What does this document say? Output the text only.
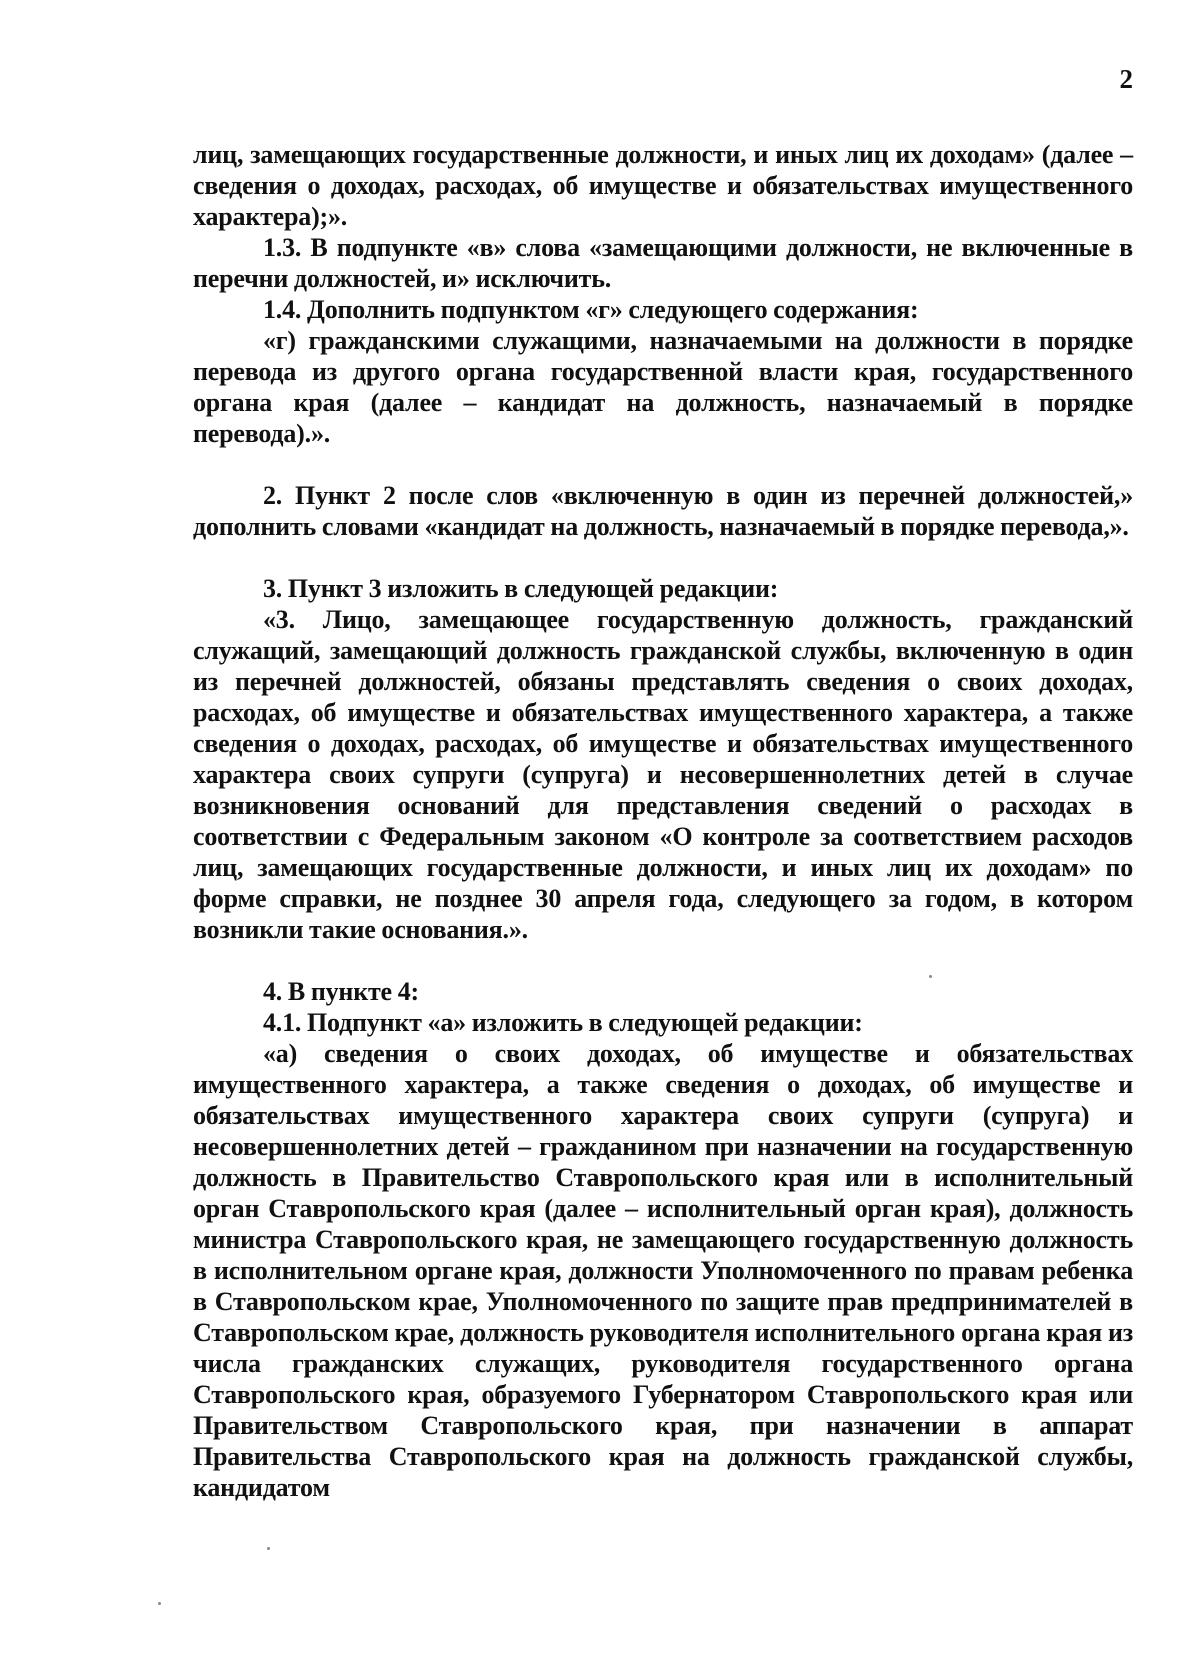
2

лиц, замещающих государственные должности, и иных лиц их доходам» (далее – сведения о доходах, расходах, об имуществе и обязательствах имущественного характера);».

1.3. В подпункте «в» слова «замещающими должности, не включенные в перечни должностей, и» исключить.

1.4. Дополнить подпунктом «г» следующего содержания:

«г) гражданскими служащими, назначаемыми на должности в порядке перевода из другого органа государственной власти края, государственного органа края (далее – кандидат на должность, назначаемый в порядке перевода).».

2. Пункт 2 после слов «включенную в один из перечней должностей,» дополнить словами «кандидат на должность, назначаемый в порядке перевода,».

3. Пункт 3 изложить в следующей редакции:

«3. Лицо, замещающее государственную должность, гражданский служащий, замещающий должность гражданской службы, включенную в один из перечней должностей, обязаны представлять сведения о своих доходах, расходах, об имуществе и обязательствах имущественного характера, а также сведения о доходах, расходах, об имуществе и обязательствах имущественного характера своих супруги (супруга) и несовершеннолетних детей в случае возникновения оснований для представления сведений о расходах в соответствии с Федеральным законом «О контроле за соответствием расходов лиц, замещающих государственные должности, и иных лиц их доходам» по форме справки, не позднее 30 апреля года, следующего за годом, в котором возникли такие основания.».

4. В пункте 4:

4.1. Подпункт «а» изложить в следующей редакции:

«а) сведения о своих доходах, об имуществе и обязательствах имущественного характера, а также сведения о доходах, об имуществе и обязательствах имущественного характера своих супруги (супруга) и несовершеннолетних детей – гражданином при назначении на государственную должность в Правительство Ставропольского края или в исполнительный орган Ставропольского края (далее – исполнительный орган края), должность министра Ставропольского края, не замещающего государственную должность в исполнительном органе края, должности Уполномоченного по правам ребенка в Ставропольском крае, Уполномоченного по защите прав предпринимателей в Ставропольском крае, должность руководителя исполнительного органа края из числа гражданских служащих, руководителя государственного органа Ставропольского края, образуемого Губернатором Ставропольского края или Правительством Ставропольского края, при назначении в аппарат Правительства Ставропольского края на должность гражданской службы, кандидатом
